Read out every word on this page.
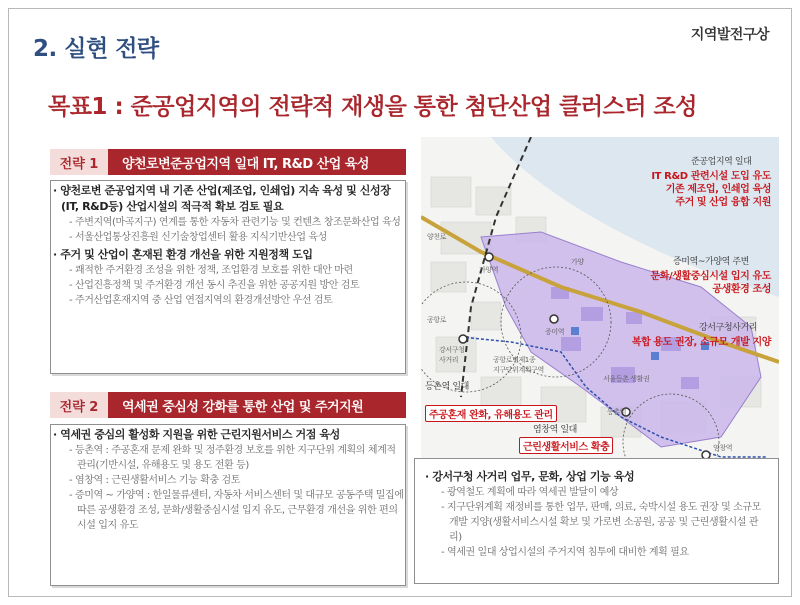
2. 실현 전략
지역발전구상
목표1 : 준공업지역의 전략적 재생을 통한 첨단산업 클러스터 조성
전략 1	양천로변준공업지역 일대 IT, R&D 산업 육성
· 양천로변 준공업지역 내 기존 산업(제조업, 인쇄업) 지속 육성 및 신성장(IT, R&D등) 산업시설의 적극적 확보 검토 필요
- 주변지역(마곡지구) 연계를 통한 자동차 관련기능 및 컨텐츠 창조문화산업 육성
- 서울산업통상진흥원 신기술창업센터 활용 지식기반산업 육성
· 주거 및 산업이 혼재된 환경 개선을 위한 지원정책 도입
- 쾌적한 주거환경 조성을 위한 정책, 조업환경 보호를 위한 대안 마련
- 산업진흥정책 및 주거환경 개선 동시 추진을 위한 공공지원 방안 검토
- 주거산업혼재지역 중 산업 연접지역의 환경개선방안 우선 검토
전략 2	역세권 중심성 강화를 통한 산업 및 주거지원
· 역세권 중심의 활성화 지원을 위한 근린지원서비스 거점 육성
- 등촌역 : 주공혼재 문제 완화 및 정주환경 보호를 위한 지구단위 계획의 체계적 관리(기반시설, 유해용도 및 용도 전환 등)
- 염창역 : 근린생활서비스 기능 확충 검토
- 증미역 ~ 가양역 : 한일물류센터, 자동차 서비스센터 및 대규모 공동주택 밀집에 따른 공생환경 조성, 문화/생활중심시설 입지 유도, 근무환경 개선을 위한 편의시설 입지 유도
준공업지역 일대
IT R&D 관련시설 도입 유도
기존 제조업, 인쇄업 육성
주거 및 산업 융합 지원
증미역~가양역 주변
문화/생활중심시설 입지 유도
공생환경 조성
강서구청사거리
복합 용도 권장, 소규모 개발 지양
등촌역 일대
주공혼재 완화, 유해용도 관리
염창역 일대
근린생활서비스 확충
양천로
가양역
증미역
등촌역
염창역
강서구청
사거리	공항로변제1종
지구단위계획구역
공항로
가양
서울등촌 생활권
· 강서구청 사거리 업무, 문화, 상업 기능 육성
- 광역철도 계획에 따라 역세권 발달이 예상
- 지구단위계획 재정비를 통한 업무, 판매, 의료, 숙박시설 용도 권장 및 소규모 개발 지양(생활서비스시설 확보 및 가로변 소공원, 공공 및 근린생활시설 관리)
- 역세권 일대 상업시설의 주거지역 침투에 대비한 계획 필요
